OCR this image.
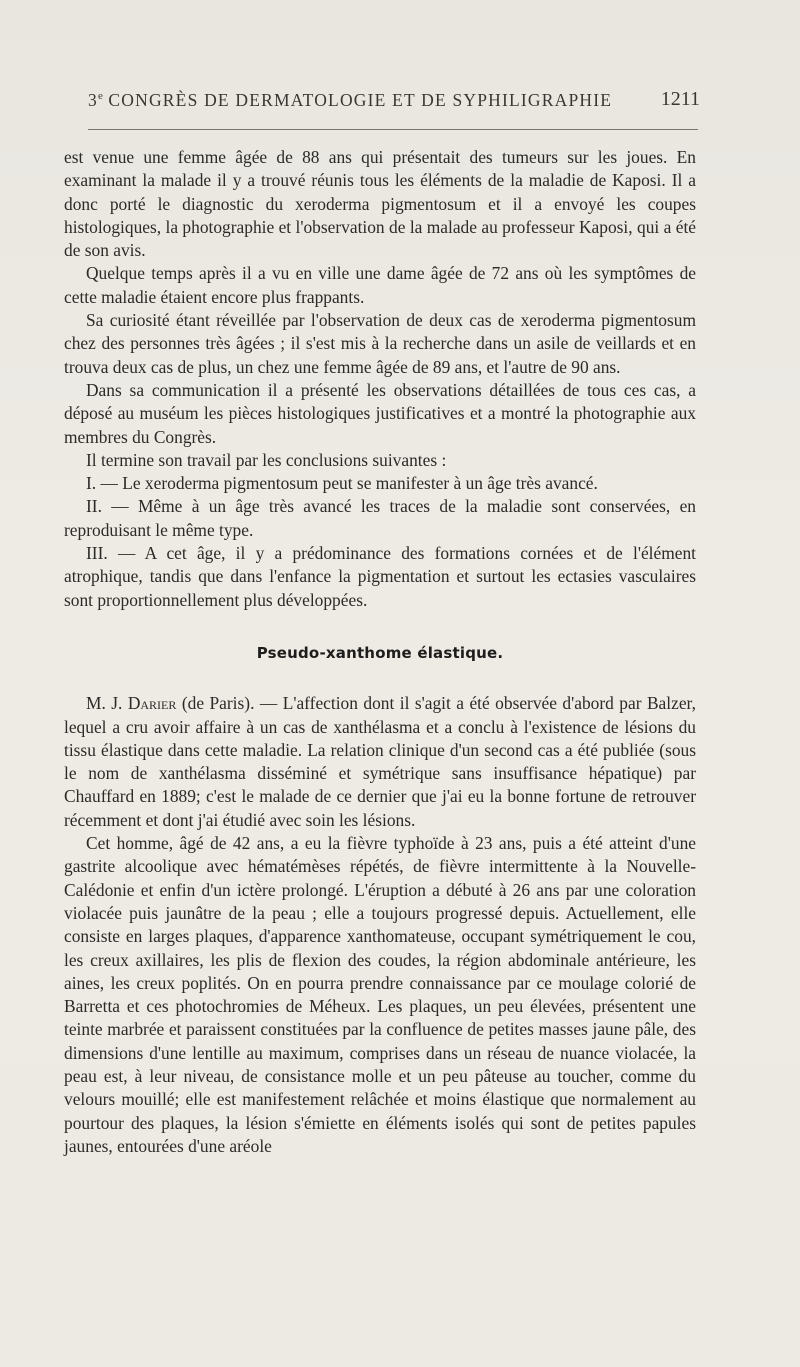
3e CONGRÈS DE DERMATOLOGIE ET DE SYPHILIGRAPHIE 1211

est venue une femme âgée de 88 ans qui présentait des tumeurs sur les joues. En examinant la malade il y a trouvé réunis tous les éléments de la maladie de Kaposi. Il a donc porté le diagnostic du xeroderma pigmentosum et il a envoyé les coupes histologiques, la photographie et l'observation de la malade au professeur Kaposi, qui a été de son avis.

Quelque temps après il a vu en ville une dame âgée de 72 ans où les symptômes de cette maladie étaient encore plus frappants.

Sa curiosité étant réveillée par l'observation de deux cas de xeroderma pigmentosum chez des personnes très âgées ; il s'est mis à la recherche dans un asile de veillards et en trouva deux cas de plus, un chez une femme âgée de 89 ans, et l'autre de 90 ans.

Dans sa communication il a présenté les observations détaillées de tous ces cas, a déposé au muséum les pièces histologiques justificatives et a montré la photographie aux membres du Congrès.

Il termine son travail par les conclusions suivantes :

I. — Le xeroderma pigmentosum peut se manifester à un âge très avancé.

II. — Même à un âge très avancé les traces de la maladie sont conservées, en reproduisant le même type.

III. — A cet âge, il y a prédominance des formations cornées et de l'élément atrophique, tandis que dans l'enfance la pigmentation et surtout les ectasies vasculaires sont proportionnellement plus développées.

Pseudo-xanthome élastique.

M. J. Darier (de Paris). — L'affection dont il s'agit a été observée d'abord par Balzer, lequel a cru avoir affaire à un cas de xanthélasma et a conclu à l'existence de lésions du tissu élastique dans cette maladie. La relation clinique d'un second cas a été publiée (sous le nom de xanthélasma disséminé et symétrique sans insuffisance hépatique) par Chauffard en 1889; c'est le malade de ce dernier que j'ai eu la bonne fortune de retrouver récemment et dont j'ai étudié avec soin les lésions.

Cet homme, âgé de 42 ans, a eu la fièvre typhoïde à 23 ans, puis a été atteint d'une gastrite alcoolique avec hématémèses répétés, de fièvre intermittente à la Nouvelle-Calédonie et enfin d'un ictère prolongé. L'éruption a débuté à 26 ans par une coloration violacée puis jaunâtre de la peau ; elle a toujours progressé depuis. Actuellement, elle consiste en larges plaques, d'apparence xanthomateuse, occupant symétriquement le cou, les creux axillaires, les plis de flexion des coudes, la région abdominale antérieure, les aines, les creux poplités. On en pourra prendre connaissance par ce moulage colorié de Barretta et ces photochromies de Méheux. Les plaques, un peu élevées, présentent une teinte marbrée et paraissent constituées par la confluence de petites masses jaune pâle, des dimensions d'une lentille au maximum, comprises dans un réseau de nuance violacée, la peau est, à leur niveau, de consistance molle et un peu pâteuse au toucher, comme du velours mouillé; elle est manifestement relâchée et moins élastique que normalement au pourtour des plaques, la lésion s'émiette en éléments isolés qui sont de petites papules jaunes, entourées d'une aréole
